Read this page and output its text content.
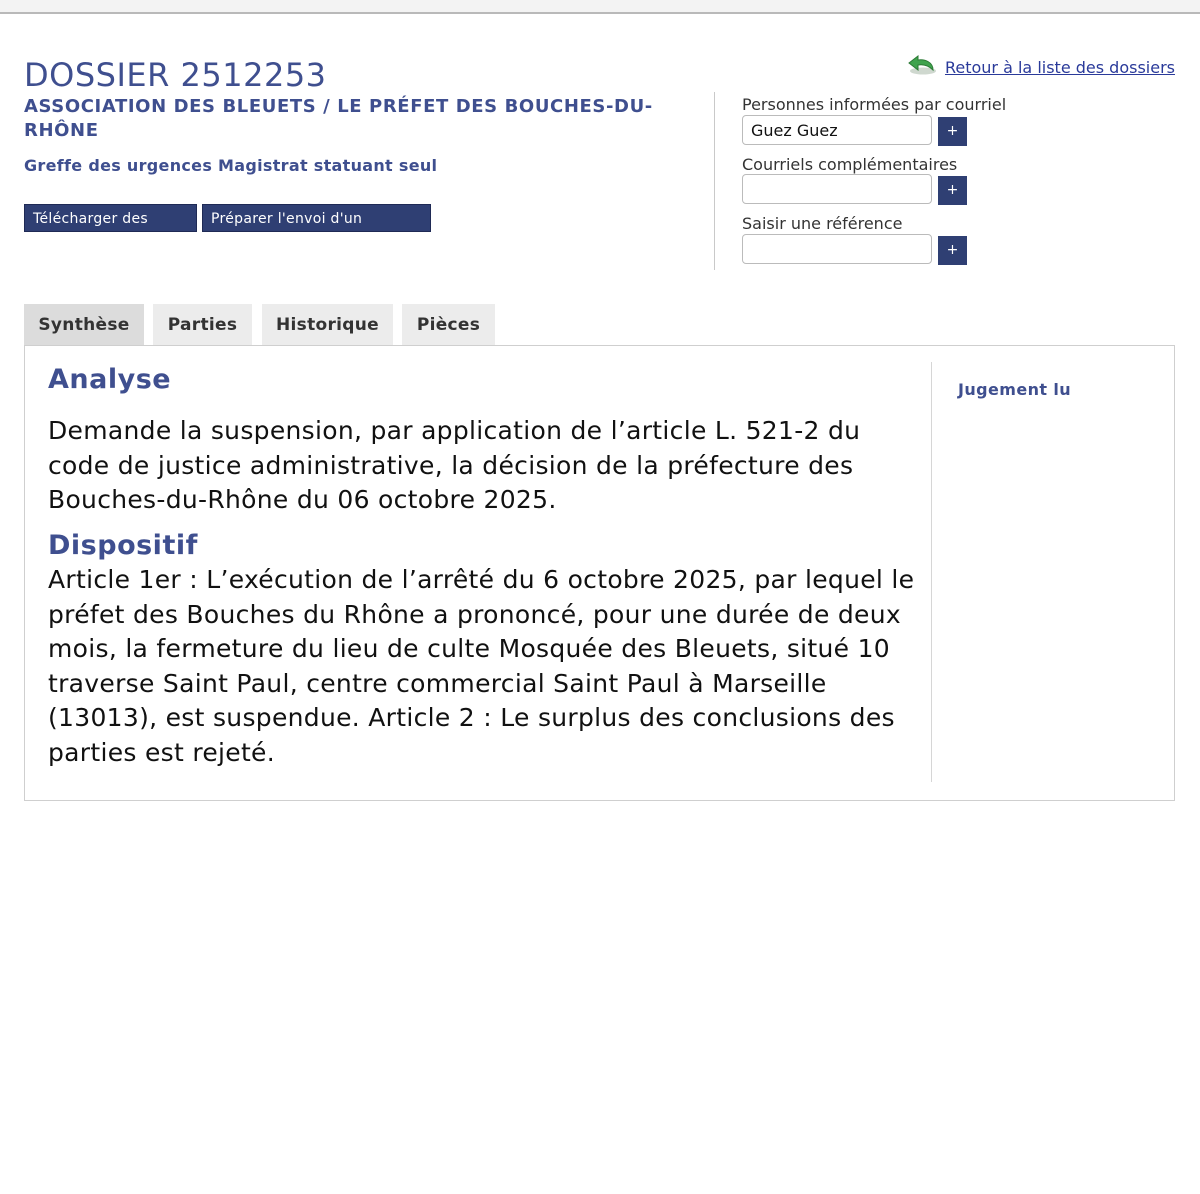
DOSSIER 2512253
ASSOCIATION DES BLEUETS / LE PRÉFET DES BOUCHES-DU-RHÔNE
Greffe des urgences Magistrat statuant seul
Télécharger des pièces
Préparer l'envoi d'un document
Retour à la liste des dossiers
Personnes informées par courriel
Guez Guez
+
Courriels complémentaires
+
Saisir une référence
+
Synthèse	Parties	Historique	Pièces
Analyse
Demande la suspension, par application de l’article L. 521-2 du code de justice administrative, la décision de la préfecture des Bouches-du-Rhône du 06 octobre 2025.
Dispositif
Article 1er : L’exécution de l’arrêté du 6 octobre 2025, par lequel le préfet des Bouches du Rhône a prononcé, pour une durée de deux mois, la fermeture du lieu de culte Mosquée des Bleuets, situé 10 traverse Saint Paul, centre commercial Saint Paul à Marseille (13013), est suspendue. Article 2 : Le surplus des conclusions des parties est rejeté.
Jugement lu
